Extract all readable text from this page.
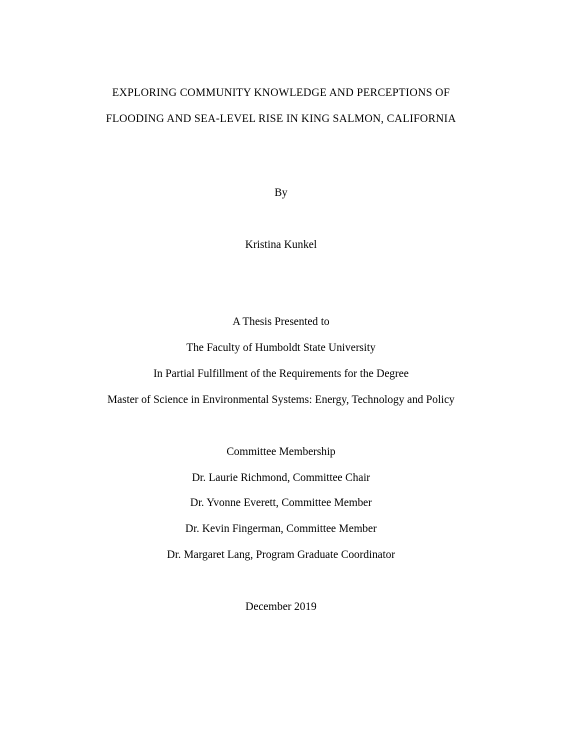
EXPLORING COMMUNITY KNOWLEDGE AND PERCEPTIONS OF
FLOODING AND SEA-LEVEL RISE IN KING SALMON, CALIFORNIA
By
Kristina Kunkel
A Thesis Presented to
The Faculty of Humboldt State University
In Partial Fulfillment of the Requirements for the Degree
Master of Science in Environmental Systems: Energy, Technology and Policy
Committee Membership
Dr. Laurie Richmond, Committee Chair
Dr. Yvonne Everett, Committee Member
Dr. Kevin Fingerman, Committee Member
Dr. Margaret Lang, Program Graduate Coordinator
December 2019
